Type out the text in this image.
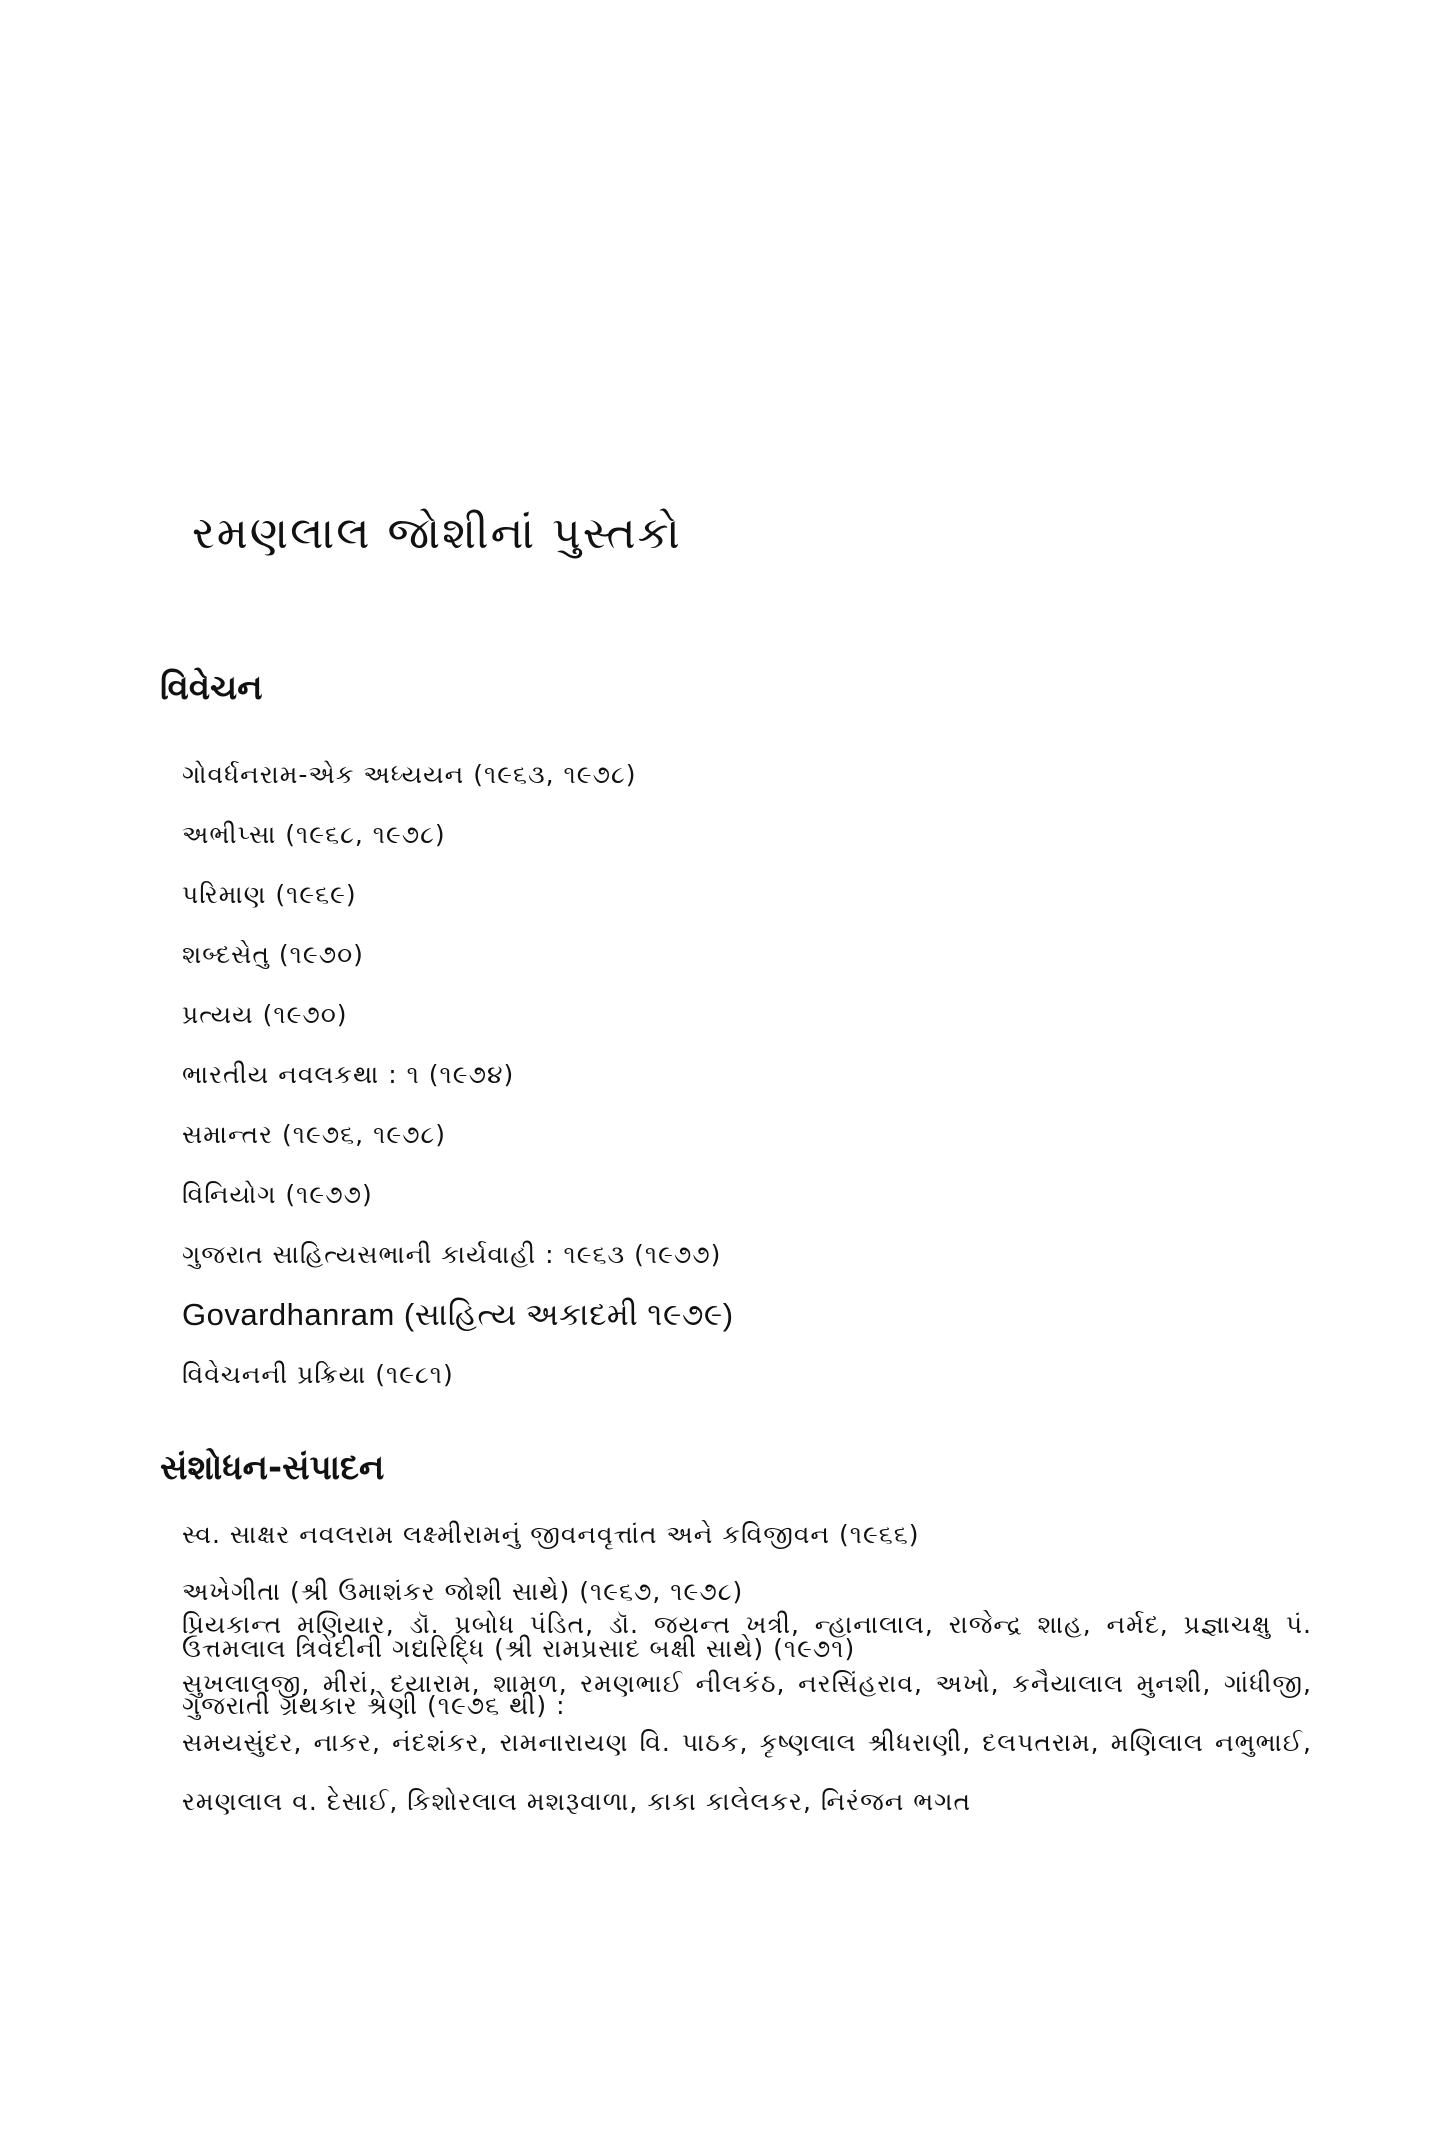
રમણલાલ જોશીનાં પુસ્તકો
વિવેચન
ગોવર્ધનરામ-એક અધ્યયન (૧૯૬૩, ૧૯૭૮)
અભીપ્સા (૧૯૬૮, ૧૯૭૮)
પરિમાણ (૧૯૬૯)
શબ્દસેતુ (૧૯૭૦)
પ્રત્યય (૧૯૭૦)
ભારતીય નવલકથા : ૧ (૧૯૭૪)
સમાન્તર (૧૯૭૬, ૧૯૭૮)
વિનિયોગ (૧૯૭૭)
ગુજરાત સાહિત્યસભાની કાર્યવાહી : ૧૯૬૩ (૧૯૭૭)
Govardhanram (સાહિત્ય અકાદમી ૧૯૭૯)
વિવેચનની પ્રક્રિયા (૧૯૮૧)
સંશોધન-સંપાદન
સ્વ. સાક્ષર નવલરામ લક્ષ્મીરામનું જીવનવૃત્તાંત અને કવિજીવન (૧૯૬૬)
અખેગીતા (શ્રી ઉમાશંકર જોશી સાથે) (૧૯૬૭, ૧૯૭૮)
ઉત્તમલાલ ત્રિવેદીની ગદ્યરિદ્ધિ (શ્રી રામપ્રસાદ બક્ષી સાથે) (૧૯૭૧)
ગુજરાતી ગ્રંથકાર શ્રેણી (૧૯૭૬ થી) :

પ્રિયકાન્ત મણિયાર, ડૉ. પ્રબોધ પંડિત, ડૉ. જયન્ત ખત્રી, ન્હાનાલાલ, રાજેન્દ્ર શાહ, નર્મદ, પ્રજ્ઞાચક્ષુ પં. સુખલાલજી, મીરાં, દયારામ, શામળ, રમણભાઈ નીલકંઠ, નરસિંહરાવ, અખો, કનૈયાલાલ મુનશી, ગાંધીજી, સમયસુંદર, નાકર, નંદશંકર, રામનારાયણ વિ. પાઠક, કૃષ્ણલાલ શ્રીધરાણી, દલપતરામ, મણિલાલ નભુભાઈ, રમણલાલ વ. દેસાઈ, કિશોરલાલ મશરૂવાળા, કાકા કાલેલકર, નિરંજન ભગત
